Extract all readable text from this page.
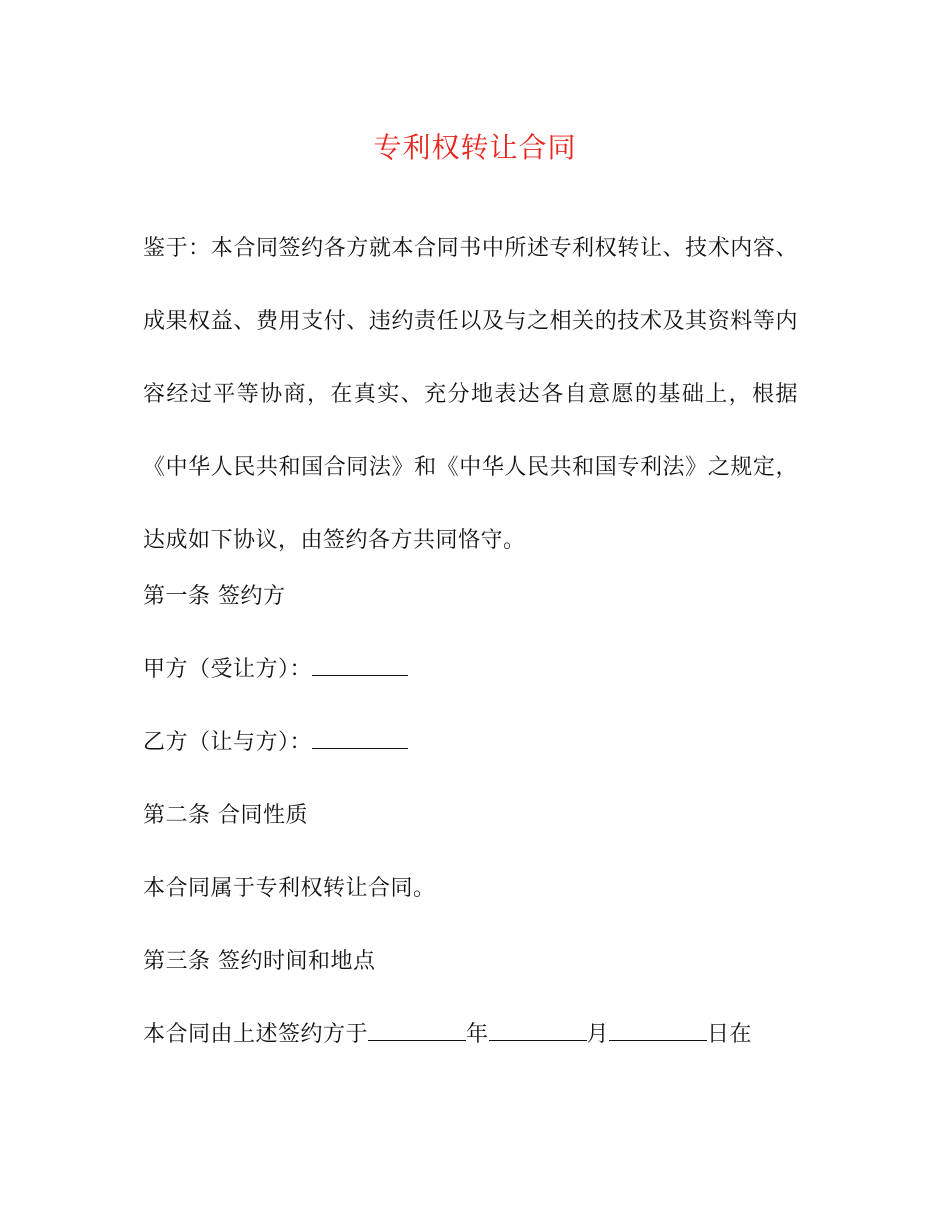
专利权转让合同

鉴于：本合同签约各方就本合同书中所述专利权转让、技术内容、成果权益、费用支付、违约责任以及与之相关的技术及其资料等内容经过平等协商，在真实、充分地表达各自意愿的基础上，根据《中华人民共和国合同法》和《中华人民共和国专利法》之规定，达成如下协议，由签约各方共同恪守。

第一条 签约方

甲方（受让方）：

乙方（让与方）：

第二条 合同性质

本合同属于专利权转让合同。

第三条 签约时间和地点

本合同由上述签约方于	年	月	日在
